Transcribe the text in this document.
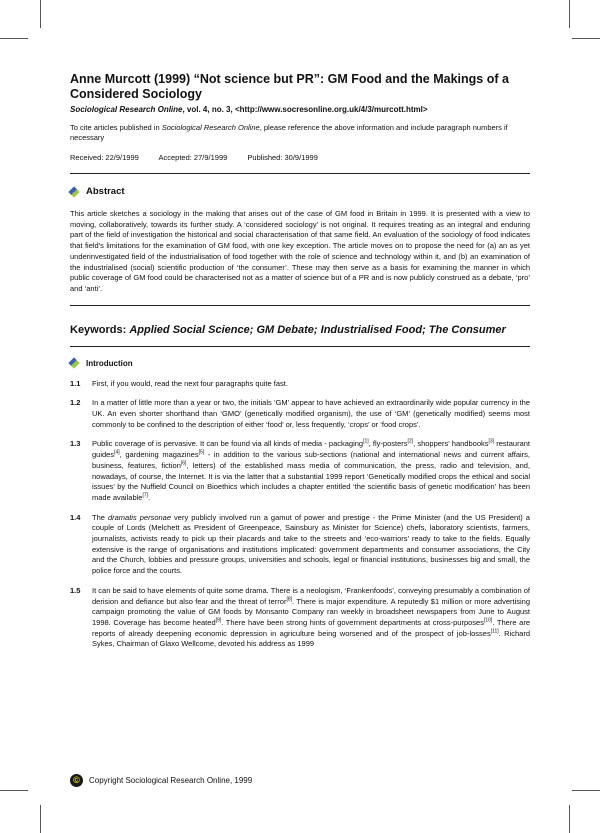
Anne Murcott (1999) “Not science but PR”: GM Food and the Makings of a Considered Sociology
Sociological Research Online, vol. 4, no. 3, <http://www.socresonline.org.uk/4/3/murcott.html>
To cite articles published in Sociological Research Online, please reference the above information and include paragraph numbers if necessary
Received: 22/9/1999	Accepted: 27/9/1999	Published: 30/9/1999
Abstract

This article sketches a sociology in the making that arises out of the case of GM food in Britain in 1999. It is presented with a view to moving, collaboratively, towards its further study. A ‘considered sociology’ is not original. It requires treating as an integral and enduring part of the field of investigation the historical and social characterisation of that same field. An evaluation of the sociology of food indicates that field's limitations for the examination of GM food, with one key exception. The article moves on to propose the need for (a) an as yet underinvestigated field of the industrialisation of food together with the role of science and technology within it, and (b) an examination of the industrialised (social) scientific production of ‘the consumer’. These may then serve as a basis for examining the manner in which public coverage of GM food could be characterised not as a matter of science but of a PR and is now publicly construed as a debate, ‘pro’ and ‘anti’.

Keywords: Applied Social Science; GM Debate; Industrialised Food; The Consumer

Introduction
1.1	First, if you would, read the next four paragraphs quite fast.
1.2	In a matter of little more than a year or two, the initials ‘GM’ appear to have achieved an extraordinarily wide popular currency in the UK. An even shorter shorthand than ‘GMO’ (genetically modified organism), the use of ‘GM’ (genetically modified) seems most commonly to be confined to the description of either ‘food’ or, less frequently, ‘crops’ or ‘food crops’.
1.3	Public coverage of is pervasive. It can be found via all kinds of media - packaging[1], fly-posters[2], shoppers' handbooks[3] restaurant guides[4], gardening magazines[5] - in addition to the various sub-sections (national and international news and current affairs, business, features, fiction[6], letters) of the established mass media of communication, the press, radio and television, and, nowadays, of course, the Internet. It is via the latter that a substantial 1999 report ‘Genetically modified crops the ethical and social issues’ by the Nuffield Council on Bioethics which includes a chapter entitled ‘the scientific basis of genetic modification’ has been made available[7].
1.4	The dramatis personae very publicly involved run a gamut of power and prestige - the Prime Minister (and the US President) a couple of Lords (Melchett as President of Greenpeace, Sainsbury as Minister for Science) chefs, laboratory scientists, farmers, journalists, activists ready to pick up their placards and take to the streets and ‘eco-warriors’ ready to take to the fields. Equally extensive is the range of organisations and institutions implicated: government departments and consumer associations, the City and the Church, lobbies and pressure groups, universities and schools, legal or financial institutions, businesses big and small, the police force and the courts.
1.5	It can be said to have elements of quite some drama. There is a neologism, ‘Frankenfoods’, conveying presumably a combination of derision and defiance but also fear and the threat of terror[8]. There is major expenditure. A reputedly $1 million or more advertising campaign promoting the value of GM foods by Monsanto Company ran weekly in broadsheet newspapers from June to August 1998. Coverage has become heated[9]. There have been strong hints of government departments at cross-purposes[10]. There are reports of already deepening economic depression in agriculture being worsened and of the prospect of job-losses[11]. Richard Sykes, Chairman of Glaxo Wellcome, devoted his address as 1999
©	Copyright Sociological Research Online, 1999
